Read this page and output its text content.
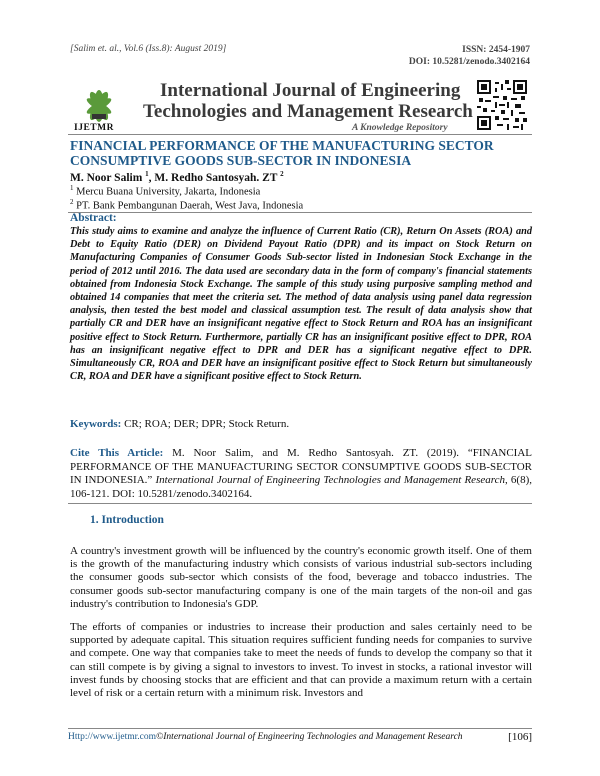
[Salim et. al., Vol.6 (Iss.8): August 2019]	ISSN: 2454-1907
DOI: 10.5281/zenodo.3402164
IJETMR
International Journal of Engineering
Technologies and Management Research
A Knowledge Repository
FINANCIAL PERFORMANCE OF THE MANUFACTURING SECTOR CONSUMPTIVE GOODS SUB-SECTOR IN INDONESIA
M. Noor Salim $^1$, M. Redho Santosyah. ZT $^2$
$^1$ Mercu Buana University, Jakarta, Indonesia
$^2$ PT. Bank Pembangunan Daerah, West Java, Indonesia
Abstract:
This study aims to examine and analyze the influence of Current Ratio (CR), Return On Assets (ROA) and Debt to Equity Ratio (DER) on Dividend Payout Ratio (DPR) and its impact on Stock Return on Manufacturing Companies of Consumer Goods Sub-sector listed in Indonesian Stock Exchange in the period of 2012 until 2016. The data used are secondary data in the form of company's financial statements obtained from Indonesia Stock Exchange. The sample of this study using purposive sampling method and obtained 14 companies that meet the criteria set. The method of data analysis using panel data regression analysis, then tested the best model and classical assumption test. The result of data analysis show that partially CR and DER have an insignificant negative effect to Stock Return and ROA has an insignificant positive effect to Stock Return. Furthermore, partially CR has an insignificant positive effect to DPR, ROA has an insignificant negative effect to DPR and DER has a significant negative effect to DPR. Simultaneously CR, ROA and DER have an insignificant positive effect to Stock Return but simultaneously CR, ROA and DER have a significant positive effect to Stock Return.
Keywords: CR; ROA; DER; DPR; Stock Return.
Cite This Article: M. Noor Salim, and M. Redho Santosyah. ZT. (2019). “FINANCIAL PERFORMANCE OF THE MANUFACTURING SECTOR CONSUMPTIVE GOODS SUB-SECTOR IN INDONESIA.” International Journal of Engineering Technologies and Management Research, 6(8), 106-121. DOI: 10.5281/zenodo.3402164.
1. Introduction
A country's investment growth will be influenced by the country's economic growth itself. One of them is the growth of the manufacturing industry which consists of various industrial sub-sectors including the consumer goods sub-sector which consists of the food, beverage and tobacco industries. The consumer goods sub-sector manufacturing company is one of the main targets of the non-oil and gas industry's contribution to Indonesia's GDP.
The efforts of companies or industries to increase their production and sales certainly need to be supported by adequate capital. This situation requires sufficient funding needs for companies to survive and compete. One way that companies take to meet the needs of funds to develop the company so that it can still compete is by giving a signal to investors to invest. To invest in stocks, a rational investor will invest funds by choosing stocks that are efficient and that can provide a maximum return with a certain level of risk or a certain return with a minimum risk. Investors and
Http://www.ijetmr.com©International Journal of Engineering Technologies and Management Research	[106]
